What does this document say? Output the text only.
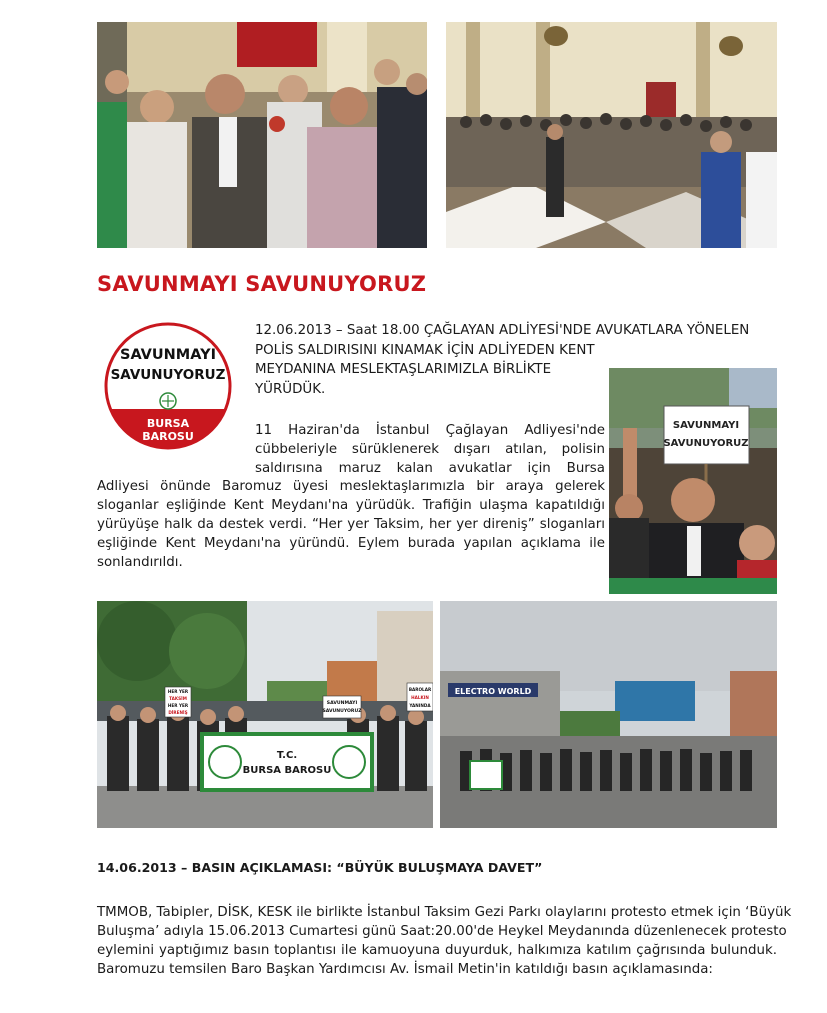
SAVUNMAYI SAVUNUYORUZ
SAVUNMAYI
SAVUNUYORUZ
BURSA
BAROSU

12.06.2013 – Saat 18.00 ÇAĞLAYAN ADLİYESİ'NDE AVUKATLARA YÖNELEN
POLİS SALDIRISINI KINAMAK İÇİN ADLİYEDEN KENT
MEYDANINA MESLEKTAŞLARIMIZLA BİRLİKTE
YÜRÜDÜK.

SAVUNMAYI
SAVUNUYORUZ

11 Haziran'da İstanbul Çağlayan Adliyesi'nde
cübbeleriyle sürüklenerek dışarı atılan, polisin
saldırısına maruz kalan avukatlar için Bursa
Adliyesi önünde Baromuz üyesi meslektaşlarımızla bir araya gelerek
sloganlar eşliğinde Kent Meydanı'na yürüdük. Trafiğin ulaşma kapatıldığı
yürüyüşe halk da destek verdi. “Her yer Taksim, her yer direniş” sloganları
eşliğinde Kent Meydanı'na yüründü. Eylem burada yapılan açıklama ile
sonlandırıldı.

HER YER
TAKSİM
HER YER
DİRENİŞ
SAVUNMAYI
SAVUNUYORUZ
BAROLAR
HALKIN
YANINDA
T.C.
BURSA BAROSU
ELECTRO WORLD

14.06.2013 – BASIN AÇIKLAMASI: “BÜYÜK BULUŞMAYA DAVET”

TMMOB, Tabipler, DİSK, KESK ile birlikte İstanbul Taksim Gezi Parkı olaylarını protesto etmek için ‘Büyük
Buluşma’ adıyla 15.06.2013 Cumartesi günü Saat:20.00'de Heykel Meydanında düzenlenecek protesto
eylemini yaptığımız basın toplantısı ile kamuoyuna duyurduk, halkımıza katılım çağrısında bulunduk.
Baromuzu temsilen Baro Başkan Yardımcısı Av. İsmail Metin'in katıldığı basın açıklamasında:
